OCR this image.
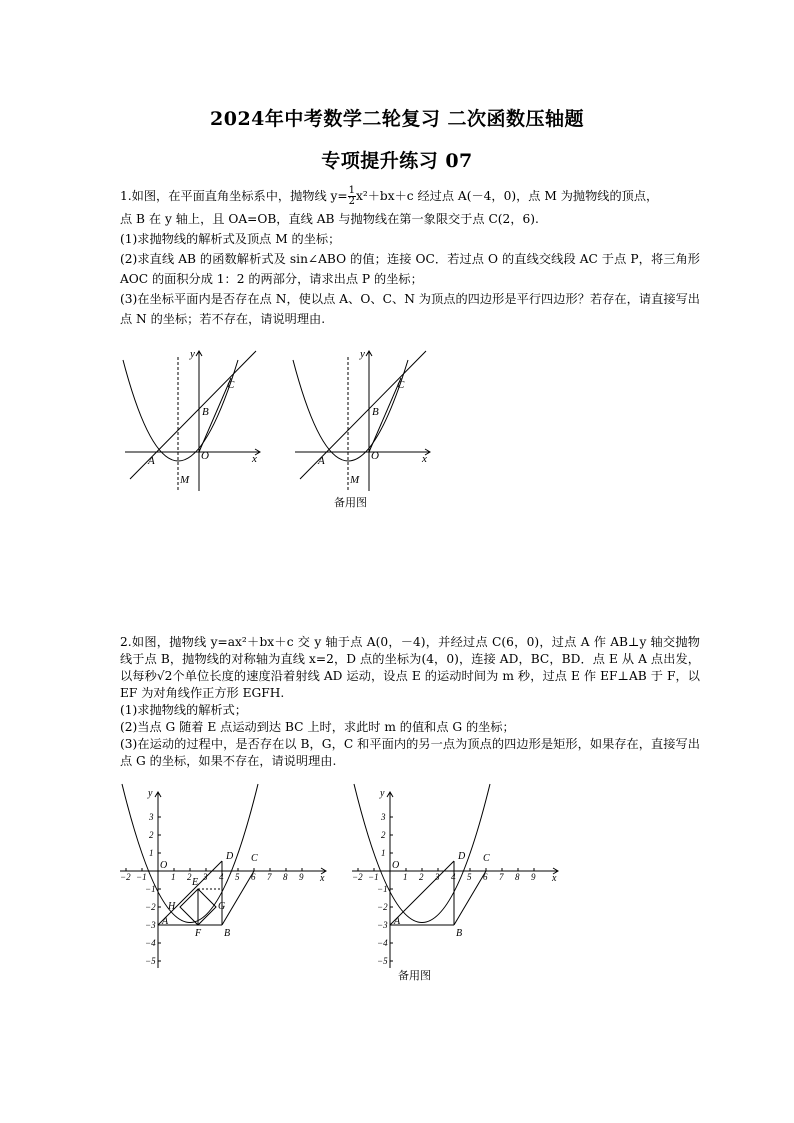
2024年中考数学二轮复习 二次函数压轴题
专项提升练习 07

1.如图，在平面直角坐标系中，抛物线 $y= \frac{1}{2} x^2+bx+c$ 经过点 A(－4，0)，点 M 为抛物线的顶点，

点 B 在 y 轴上，且 OA=OB，直线 AB 与抛物线在第一象限交于点 C(2，6).

(1)求抛物线的解析式及顶点 M 的坐标；

(2)求直线 AB 的函数解析式及 sin∠ABO 的值；连接 OC．若过点 O 的直线交线段 AC 于点 P，将三角形 AOC 的面积分成 1：2 的两部分，请求出点 P 的坐标；

(3)在坐标平面内是否存在点 N，使以点 A、O、C、N 为顶点的四边形是平行四边形？若存在，请直接写出点 N 的坐标；若不存在，请说明理由.

y
x
A	O
B
C
M
y
x
A	O
B
C
M
备用图

2.如图，抛物线 y=ax²＋bx＋c 交 y 轴于点 A(0，－4)，并经过点 C(6，0)，过点 A 作 AB⊥y 轴交抛物线于点 B，抛物线的对称轴为直线 x=2，D 点的坐标为(4，0)，连接 AD，BC，BD．点 E 从 A 点出发，以每秒√2个单位长度的速度沿着射线 AD 运动，设点 E 的运动时间为 m 秒，过点 E 作 EF⊥AB 于 F，以 EF 为对角线作正方形 EGFH.

(1)求抛物线的解析式；

(2)当点 G 随着 E 点运动到达 BC 上时，求此时 m 的值和点 G 的坐标；

(3)在运动的过程中，是否存在以 B，G，C 和平面内的另一点为顶点的四边形是矩形，如果存在，直接写出点 G 的坐标，如果不存在，请说明理由.

−2 −1	1 2 3 4 5 6 7 8 9
3
2
1
−1
−2
−3
−4
−5
y
x
O
A
B
C
D
E
F
G
H
−2 −1	1 2 3 4 5 6 7 8 9
3
2
1
−1
−2
−3
−4
−5
y
x
O
A
B
C
D
备用图
